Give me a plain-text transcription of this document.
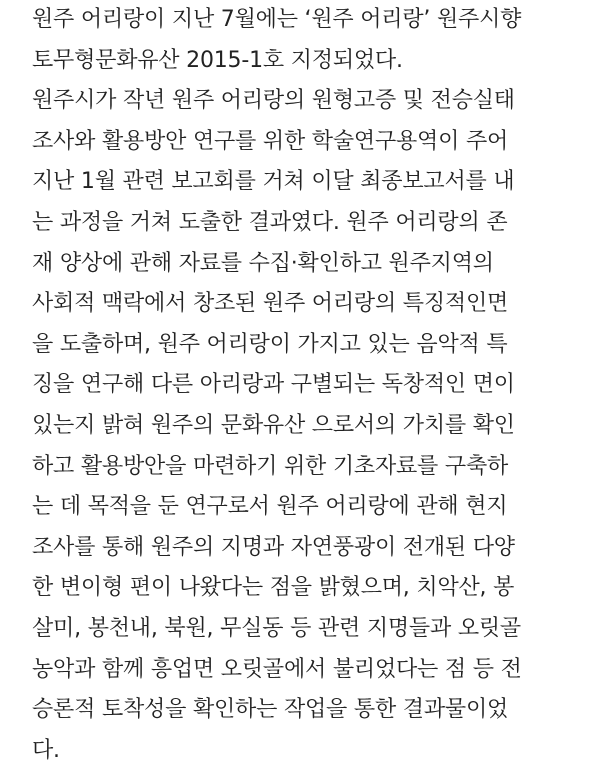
원주 어리랑이 지난 7월에는 ‘원주 어리랑’ 원주시향
토무형문화유산 2015-1호 지정되었다.
원주시가 작년 원주 어리랑의 원형고증 및 전승실태
조사와 활용방안 연구를 위한 학술연구용역이 주어
지난 1월 관련 보고회를 거쳐 이달 최종보고서를 내
는 과정을 거쳐 도출한 결과였다. 원주 어리랑의 존
재 양상에 관해 자료를 수집·확인하고 원주지역의
사회적 맥락에서 창조된 원주 어리랑의 특징적인면
을 도출하며, 원주 어리랑이 가지고 있는 음악적 특
징을 연구해 다른 아리랑과 구별되는 독창적인 면이
있는지 밝혀 원주의 문화유산 으로서의 가치를 확인
하고 활용방안을 마련하기 위한 기초자료를 구축하
는 데 목적을 둔 연구로서 원주 어리랑에 관해 현지
조사를 통해 원주의 지명과 자연풍광이 전개된 다양
한 변이형 편이 나왔다는 점을 밝혔으며, 치악산, 봉
살미, 봉천내, 북원, 무실동 등 관련 지명들과 오릿골
농악과 함께 흥업면 오릿골에서 불리었다는 점 등 전
승론적 토착성을 확인하는 작업을 통한 결과물이었
다.
